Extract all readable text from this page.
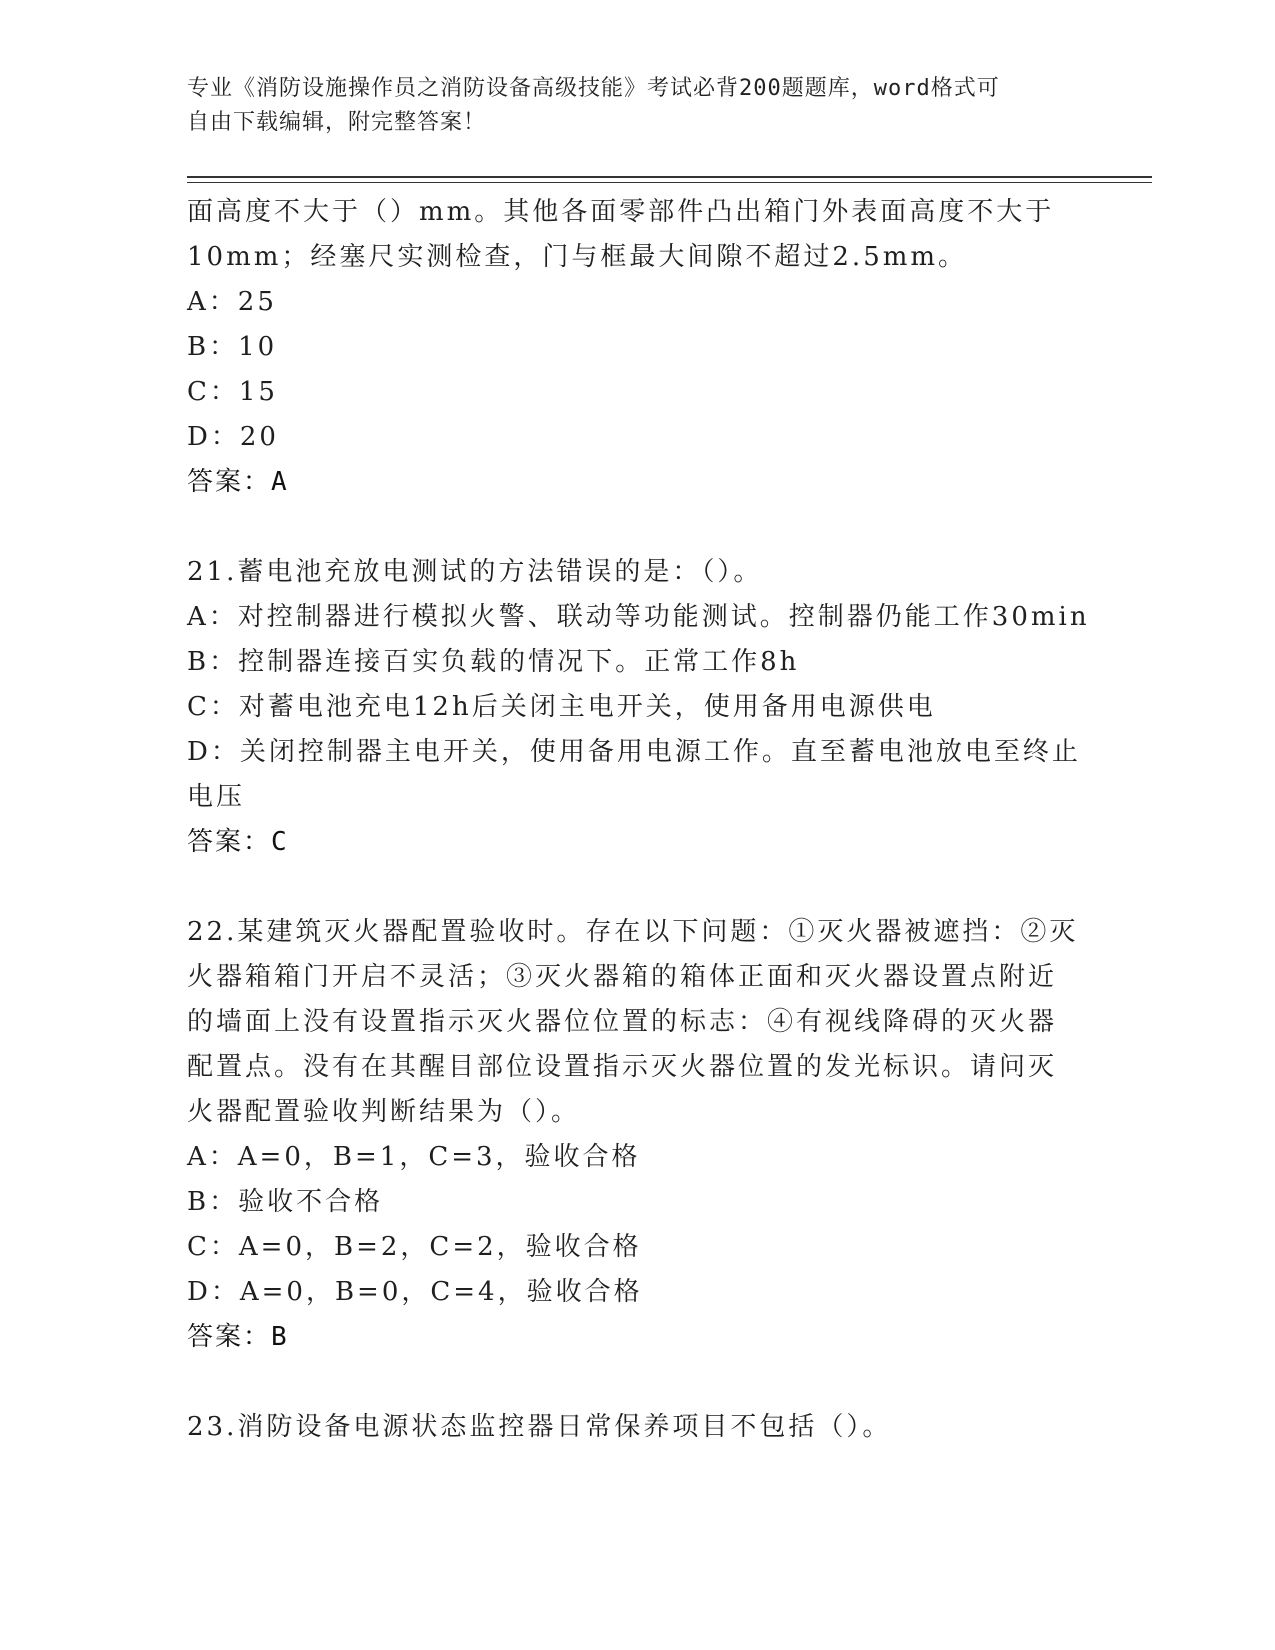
专业《消防设施操作员之消防设备高级技能》考试必背200题题库，word格式可
自由下载编辑，附完整答案！
面高度不大于（）mm。其他各面零部件凸出箱门外表面高度不大于
10mm；经塞尺实测检查，门与框最大间隙不超过2.5mm。
A：25
B：10
C：15
D：20
答案：A
21.蓄电池充放电测试的方法错误的是：（）。
A：对控制器进行模拟火警、联动等功能测试。控制器仍能工作30min
B：控制器连接百实负载的情况下。正常工作8h
C：对蓄电池充电12h后关闭主电开关，使用备用电源供电
D：关闭控制器主电开关，使用备用电源工作。直至蓄电池放电至终止
电压
答案：C
22.某建筑灭火器配置验收时。存在以下问题：①灭火器被遮挡：②灭
火器箱箱门开启不灵活；③灭火器箱的箱体正面和灭火器设置点附近
的墙面上没有设置指示灭火器位位置的标志：④有视线降碍的灭火器
配置点。没有在其醒目部位设置指示灭火器位置的发光标识。请问灭
火器配置验收判断结果为（）。
A：A=0，B=1，C=3，验收合格
B：验收不合格
C：A=0，B=2，C=2，验收合格
D：A=0，B=0，C=4，验收合格
答案：B
23.消防设备电源状态监控器日常保养项目不包括（）。
